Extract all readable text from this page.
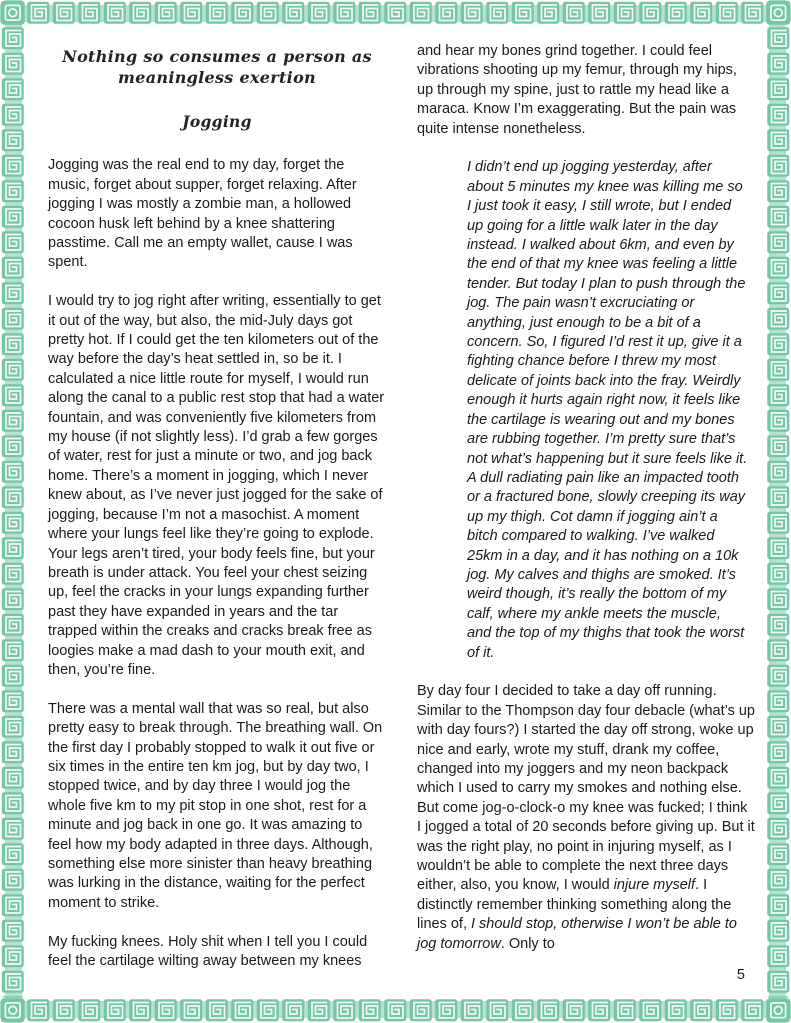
Nothing so consumes a person as
meaningless exertion
Jogging

Jogging was the real end to my day, forget the music, forget about supper, forget relaxing. After jogging I was mostly a zombie man, a hollowed cocoon husk left behind by a knee shattering passtime. Call me an empty wallet, cause I was spent.

I would try to jog right after writing, essentially to get it out of the way, but also, the mid-July days got pretty hot. If I could get the ten kilometers out of the way before the day’s heat settled in, so be it. I calculated a nice little route for myself, I would run along the canal to a public rest stop that had a water fountain, and was conveniently five kilometers from my house (if not slightly less). I’d grab a few gorges of water, rest for just a minute or two, and jog back home. There’s a moment in jogging, which I never knew about, as I’ve never just jogged for the sake of jogging, because I’m not a masochist. A moment where your lungs feel like they’re going to explode. Your legs aren’t tired, your body feels fine, but your breath is under attack. You feel your chest seizing up, feel the cracks in your lungs expanding further past they have expanded in years and the tar trapped within the creaks and cracks break free as loogies make a mad dash to your mouth exit, and then, you’re fine.

There was a mental wall that was so real, but also pretty easy to break through. The breathing wall. On the first day I probably stopped to walk it out five or six times in the entire ten km jog, but by day two, I stopped twice, and by day three I would jog the whole five km to my pit stop in one shot, rest for a minute and jog back in one go. It was amazing to feel how my body adapted in three days. Although, something else more sinister than heavy breathing was lurking in the distance, waiting for the perfect moment to strike.

My fucking knees. Holy shit when I tell you I could feel the cartilage wilting away between my knees

and hear my bones grind together. I could feel vibrations shooting up my femur, through my hips, up through my spine, just to rattle my head like a maraca. Know I’m exaggerating. But the pain was quite intense nonetheless.

I didn’t end up jogging yesterday, after about 5 minutes my knee was killing me so I just took it easy, I still wrote, but I ended up going for a little walk later in the day instead. I walked about 6km, and even by the end of that my knee was feeling a little tender. But today I plan to push through the jog. The pain wasn’t excruciating or anything, just enough to be a bit of a concern. So, I figured I’d rest it up, give it a fighting chance before I threw my most delicate of joints back into the fray. Weirdly enough it hurts again right now, it feels like the cartilage is wearing out and my bones are rubbing together. I’m pretty sure that’s not what’s happening but it sure feels like it. A dull radiating pain like an impacted tooth or a fractured bone, slowly creeping its way up my thigh. Cot damn if jogging ain’t a bitch compared to walking. I’ve walked 25km in a day, and it has nothing on a 10k jog. My calves and thighs are smoked. It’s weird though, it’s really the bottom of my calf, where my ankle meets the muscle, and the top of my thighs that took the worst of it.

By day four I decided to take a day off running. Similar to the Thompson day four debacle (what’s up with day fours?) I started the day off strong, woke up nice and early, wrote my stuff, drank my coffee, changed into my joggers and my neon backpack which I used to carry my smokes and nothing else. But come jog-o-clock-o my knee was fucked; I think I jogged a total of 20 seconds before giving up. But it was the right play, no point in injuring myself, as I wouldn’t be able to complete the next three days either, also, you know, I would injure myself. I distinctly remember thinking something along the lines of, I should stop, otherwise I won’t be able to jog tomorrow. Only to

5
